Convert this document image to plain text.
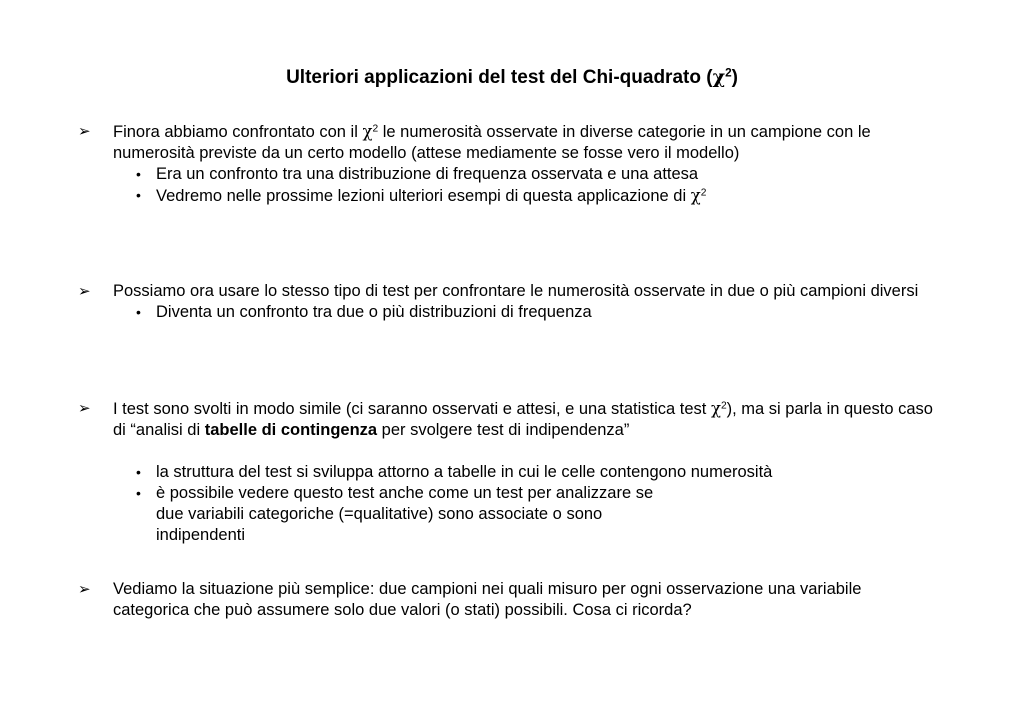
Ulteriori applicazioni del test del Chi-quadrato $(\chi^2)$
➢	Finora abbiamo confrontato con il $\chi^2$ le numerosità osservate in diverse categorie in un campione con le numerosità previste da un certo modello (attese mediamente se fosse vero il modello)
• Era un confronto tra una distribuzione di frequenza osservata e una attesa
• Vedremo nelle prossime lezioni ulteriori esempi di questa applicazione di $\chi^2$
➢	Possiamo ora usare lo stesso tipo di test per confrontare le numerosità osservate in due o più campioni diversi
• Diventa un confronto tra due o più distribuzioni di frequenza
➢	I test sono svolti in modo simile (ci saranno osservati e attesi, e una statistica test $\chi^2$), ma si parla in questo caso di “analisi di tabelle di contingenza per svolgere test di indipendenza”
• la struttura del test si sviluppa attorno a tabelle in cui le celle contengono numerosità
• è possibile vedere questo test anche come un test per analizzare se due variabili categoriche (=qualitative) sono associate o sono indipendenti
➢	Vediamo la situazione più semplice: due campioni nei quali misuro per ogni osservazione una variabile categorica che può assumere solo due valori (o stati) possibili. Cosa ci ricorda?
